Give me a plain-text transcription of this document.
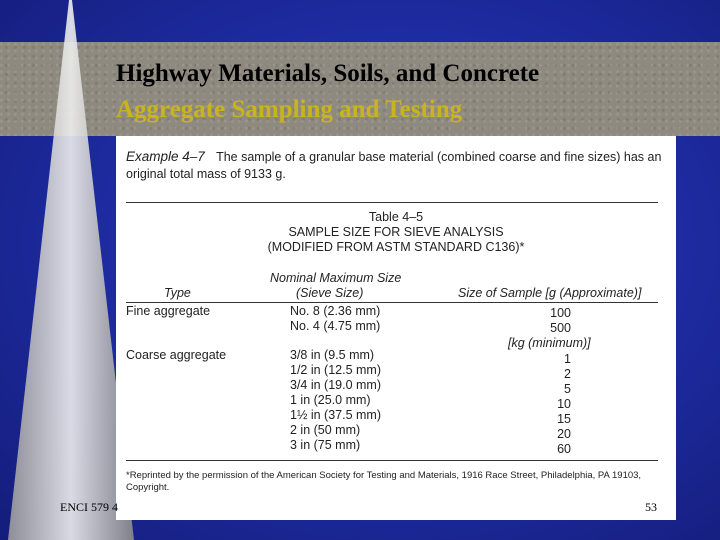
Highway Materials, Soils, and Concrete
Aggregate Sampling and Testing
Example 4–7 The sample of a granular base material (combined coarse and fine sizes) has an original total mass of 9133 g.
Table 4–5
SAMPLE SIZE FOR SIEVE ANALYSIS
(MODIFIED FROM ASTM STANDARD C136)*
Type
Nominal Maximum Size
(Sieve Size)	Size of Sample [g (Approximate)]
Fine aggregate	No. 8 (2.36 mm)	100
No. 4 (4.75 mm)	500
[kg (minimum)]
Coarse aggregate	3/8 in (9.5 mm)	1
1/2 in (12.5 mm)	2
3/4 in (19.0 mm)	5
1 in (25.0 mm)	10
1½ in (37.5 mm)	15
2 in (50 mm)	20
3 in (75 mm)	60
*Reprinted by the permission of the American Society for Testing and Materials, 1916 Race Street, Philadelphia, PA 19103, Copyright.
ENCI 579 4	53
